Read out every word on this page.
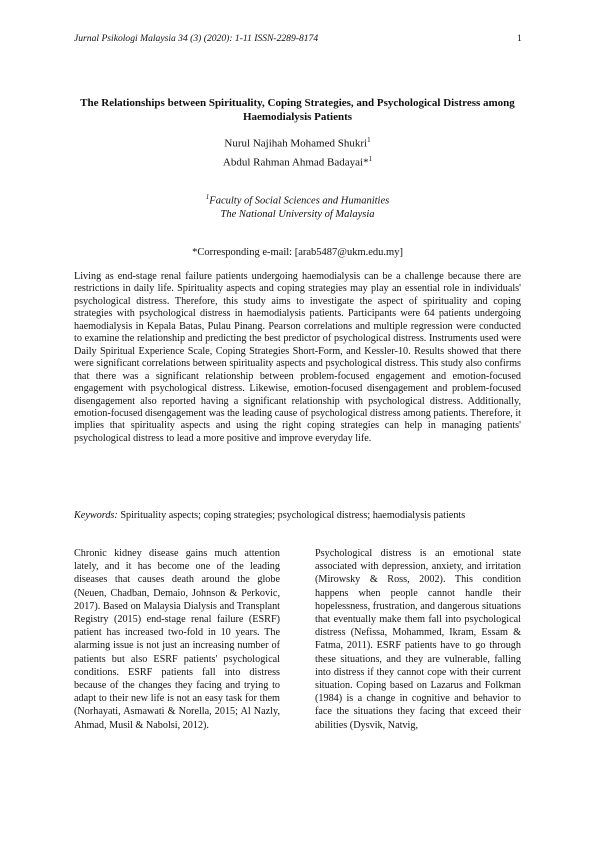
Jurnal Psikologi Malaysia 34 (3) (2020): 1-11 ISSN-2289-8174	1
The Relationships between Spirituality, Coping Strategies, and Psychological Distress among Haemodialysis Patients
Nurul Najihah Mohamed Shukri$^1$
Abdul Rahman Ahmad Badayai*$^1$
$^1$Faculty of Social Sciences and Humanities
The National University of Malaysia
*Corresponding e-mail: [arab5487@ukm.edu.my]

Living as end-stage renal failure patients undergoing haemodialysis can be a challenge because there are restrictions in daily life. Spirituality aspects and coping strategies may play an essential role in individuals' psychological distress. Therefore, this study aims to investigate the aspect of spirituality and coping strategies with psychological distress in haemodialysis patients. Participants were 64 patients undergoing haemodialysis in Kepala Batas, Pulau Pinang. Pearson correlations and multiple regression were conducted to examine the relationship and predicting the best predictor of psychological distress. Instruments used were Daily Spiritual Experience Scale, Coping Strategies Short-Form, and Kessler-10. Results showed that there were significant correlations between spirituality aspects and psychological distress. This study also confirms that there was a significant relationship between problem-focused engagement and emotion-focused engagement with psychological distress. Likewise, emotion-focused disengagement and problem-focused disengagement also reported having a significant relationship with psychological distress. Additionally, emotion-focused disengagement was the leading cause of psychological distress among patients. Therefore, it implies that spirituality aspects and using the right coping strategies can help in managing patients' psychological distress to lead a more positive and improve everyday life.

Keywords: Spirituality aspects; coping strategies; psychological distress; haemodialysis patients

Chronic kidney disease gains much attention lately, and it has become one of the leading diseases that causes death around the globe (Neuen, Chadban, Demaio, Johnson & Perkovic, 2017). Based on Malaysia Dialysis and Transplant Registry (2015) end-stage renal failure (ESRF) patient has increased two-fold in 10 years. The alarming issue is not just an increasing number of patients but also ESRF patients' psychological conditions. ESRF patients fall into distress because of the changes they facing and trying to adapt to their new life is not an easy task for them (Norhayati, Asmawati & Norella, 2015; Al Nazly, Ahmad, Musil & Nabolsi, 2012).

Psychological distress is an emotional state associated with depression, anxiety, and irritation (Mirowsky & Ross, 2002). This condition happens when people cannot handle their hopelessness, frustration, and dangerous situations that eventually make them fall into psychological distress (Nefissa, Mohammed, Ikram, Essam & Fatma, 2011). ESRF patients have to go through these situations, and they are vulnerable, falling into distress if they cannot cope with their current situation. Coping based on Lazarus and Folkman (1984) is a change in cognitive and behavior to face the situations they facing that exceed their abilities (Dysvik, Natvig,
